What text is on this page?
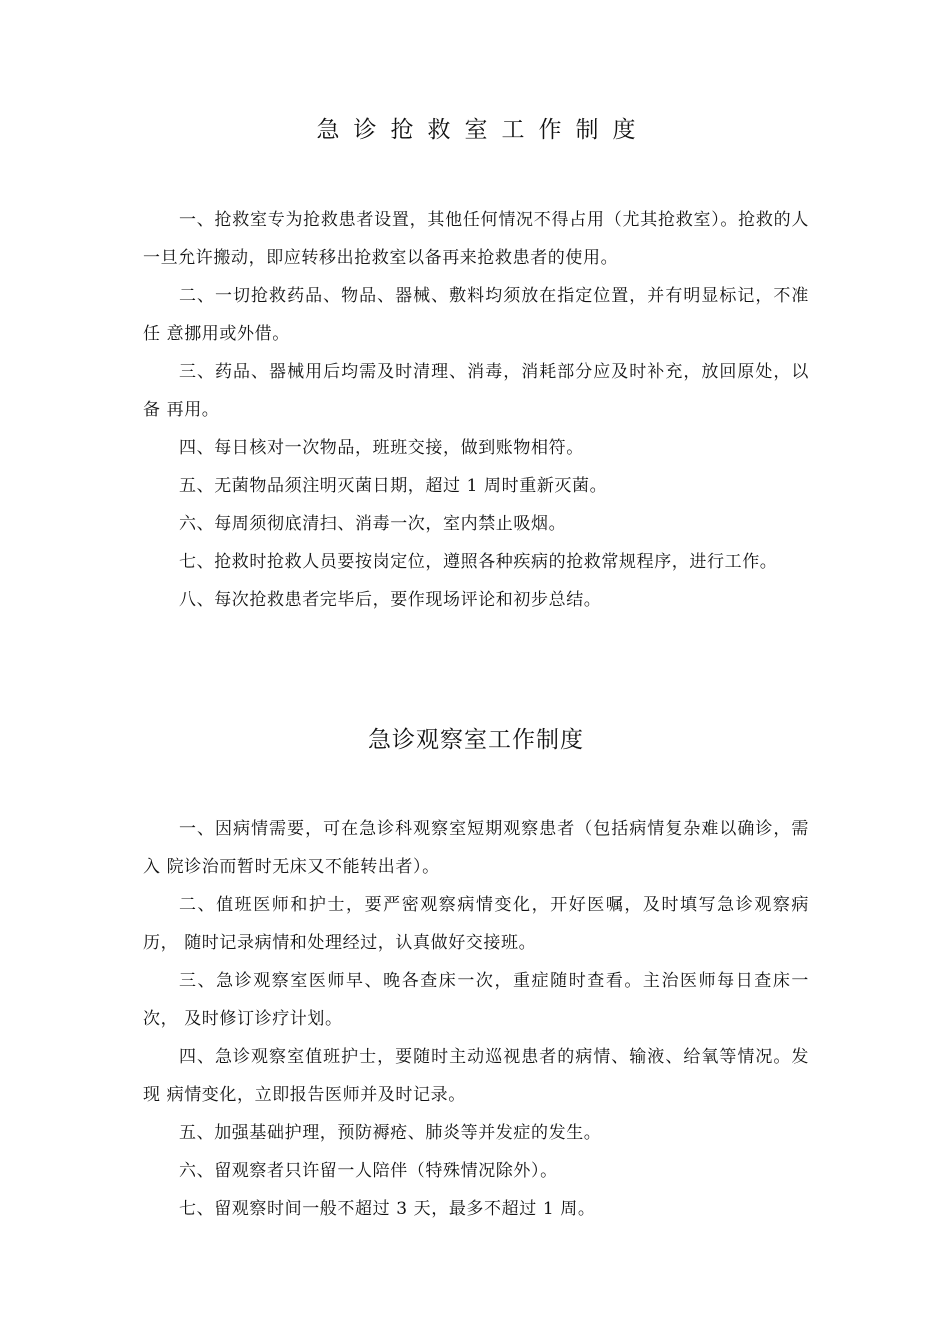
急诊抢救室工作制度

一、抢救室专为抢救患者设置，其他任何情况不得占用（尤其抢救室）。抢救的人 一旦允许搬动，即应转移出抢救室以备再来抢救患者的使用。

二、一切抢救药品、物品、器械、敷料均须放在指定位置，并有明显标记，不准任 意挪用或外借。

三、药品、器械用后均需及时清理、消毒，消耗部分应及时补充，放回原处，以备 再用。

四、每日核对一次物品，班班交接，做到账物相符。

五、无菌物品须注明灭菌日期，超过 1 周时重新灭菌。

六、每周须彻底清扫、消毒一次，室内禁止吸烟。

七、抢救时抢救人员要按岗定位，遵照各种疾病的抢救常规程序，进行工作。

八、每次抢救患者完毕后，要作现场评论和初步总结。

急诊观察室工作制度

一、因病情需要，可在急诊科观察室短期观察患者（包括病情复杂难以确诊，需入 院诊治而暂时无床又不能转出者）。

二、值班医师和护士，要严密观察病情变化，开好医嘱，及时填写急诊观察病历， 随时记录病情和处理经过，认真做好交接班。

三、急诊观察室医师早、晚各查床一次，重症随时查看。主治医师每日查床一次， 及时修订诊疗计划。

四、急诊观察室值班护士，要随时主动巡视患者的病情、输液、给氧等情况。发现 病情变化，立即报告医师并及时记录。

五、加强基础护理，预防褥疮、肺炎等并发症的发生。

六、留观察者只许留一人陪伴（特殊情况除外）。

七、留观察时间一般不超过 3 天，最多不超过 1 周。
